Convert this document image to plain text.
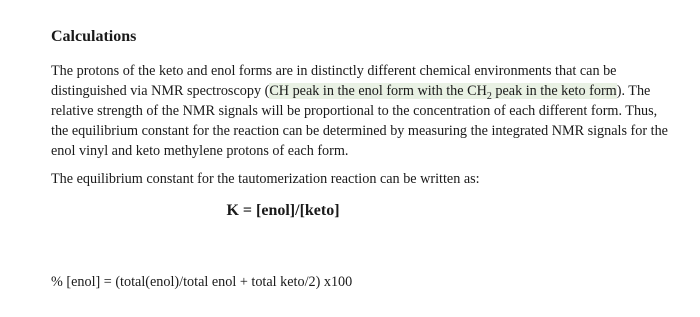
Calculations

The protons of the keto and enol forms are in distinctly different chemical environments that can be distinguished via NMR spectroscopy (CH peak in the enol form with the $CH_2$ peak in the keto form). The relative strength of the NMR signals will be proportional to the concentration of each different form. Thus, the equilibrium constant for the reaction can be determined by measuring the integrated NMR signals for the enol vinyl and keto methylene protons of each form.

The equilibrium constant for the tautomerization reaction can be written as:

K = [enol]/[keto]

% [enol] = (total(enol)/total enol + total keto/2) x100
